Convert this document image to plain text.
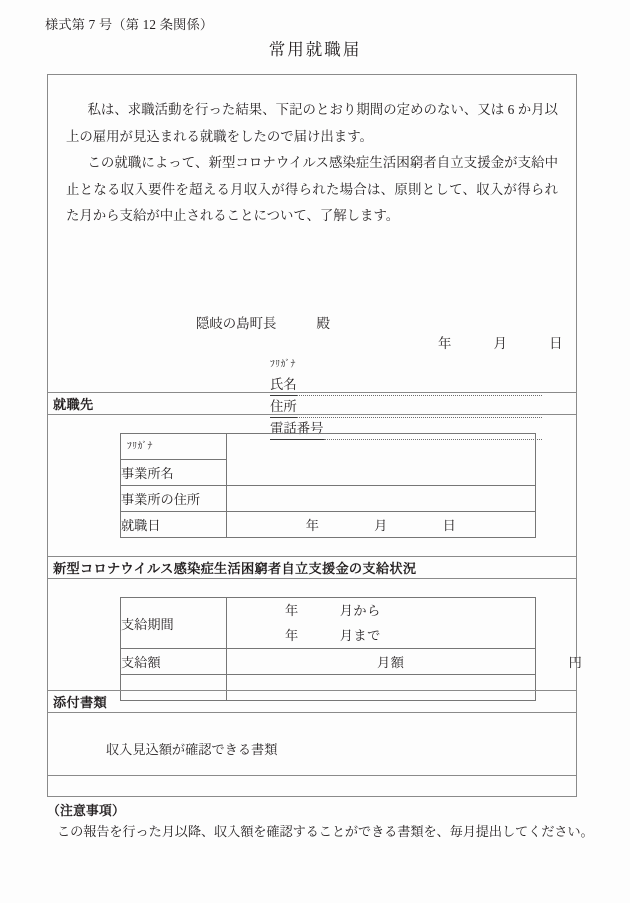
様式第 7 号（第 12 条関係）
常用就職届

私は、求職活動を行った結果、下記のとおり期間の定めのない、又は 6 か月以上の雇用が見込まれる就職をしたので届け出ます。

この就職によって、新型コロナウイルス感染症生活困窮者自立支援金が支給中止となる収入要件を超える月収入が得られた場合は、原則として、収入が得られた月から支給が中止されることについて、了解します。

隠岐の島町長　　　殿
年　　　月　　　日
ﾌﾘｶﾞﾅ
氏名
住所
電話番号
就職先
ﾌﾘｶﾞﾅ	

事業所名	
事業所の住所	
就職日	年　　　　月　　　　日
新型コロナウイルス感染症生活困窮者自立支援金の支給状況
支給期間	年　　　月から

	年　　　月まで

支給額	月額　　　　　　　　　　　　円

添付書類
収入見込額が確認できる書類

（注意事項）

この報告を行った月以降、収入額を確認することができる書類を、毎月提出してください。
